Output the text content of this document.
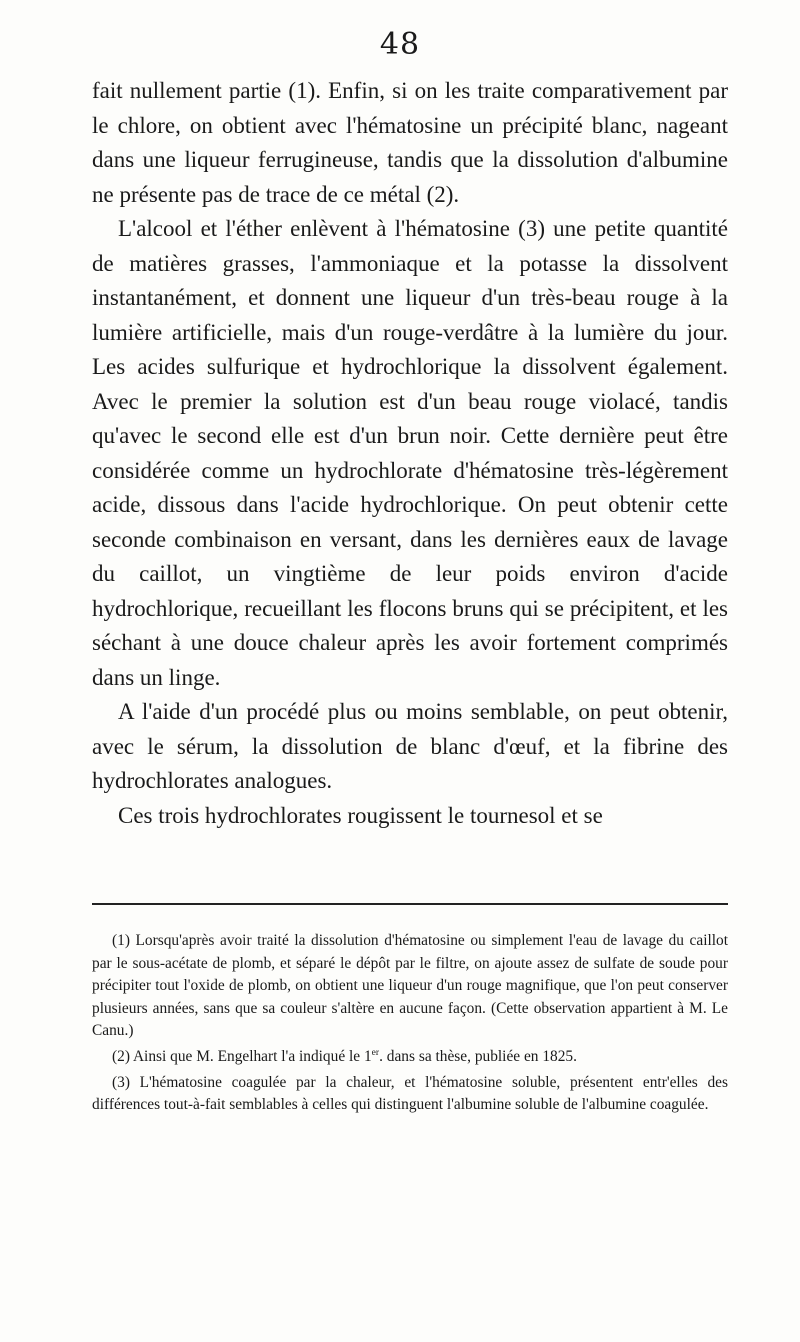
48

fait nullement partie (1). Enfin, si on les traite comparativement par le chlore, on obtient avec l'hématosine un précipité blanc, nageant dans une liqueur ferrugineuse, tandis que la dissolution d'albumine ne présente pas de trace de ce métal (2).

L'alcool et l'éther enlèvent à l'hématosine (3) une petite quantité de matières grasses, l'ammoniaque et la potasse la dissolvent instantanément, et donnent une liqueur d'un très-beau rouge à la lumière artificielle, mais d'un rouge-verdâtre à la lumière du jour. Les acides sulfurique et hydrochlorique la dissolvent également. Avec le premier la solution est d'un beau rouge violacé, tandis qu'avec le second elle est d'un brun noir. Cette dernière peut être considérée comme un hydrochlorate d'hématosine très-légèrement acide, dissous dans l'acide hydrochlorique. On peut obtenir cette seconde combinaison en versant, dans les dernières eaux de lavage du caillot, un vingtième de leur poids environ d'acide hydrochlorique, recueillant les flocons bruns qui se précipitent, et les séchant à une douce chaleur après les avoir fortement comprimés dans un linge.

A l'aide d'un procédé plus ou moins semblable, on peut obtenir, avec le sérum, la dissolution de blanc d'œuf, et la fibrine des hydrochlorates analogues.

Ces trois hydrochlorates rougissent le tournesol et se

(1) Lorsqu'après avoir traité la dissolution d'hématosine ou simplement l'eau de lavage du caillot par le sous-acétate de plomb, et séparé le dépôt par le filtre, on ajoute assez de sulfate de soude pour précipiter tout l'oxide de plomb, on obtient une liqueur d'un rouge magnifique, que l'on peut conserver plusieurs années, sans que sa couleur s'altère en aucune façon. (Cette observation appartient à M. Le Canu.)

(2) Ainsi que M. Engelhart l'a indiqué le 1er. dans sa thèse, publiée en 1825.

(3) L'hématosine coagulée par la chaleur, et l'hématosine soluble, présentent entr'elles des différences tout-à-fait semblables à celles qui distinguent l'albumine soluble de l'albumine coagulée.
